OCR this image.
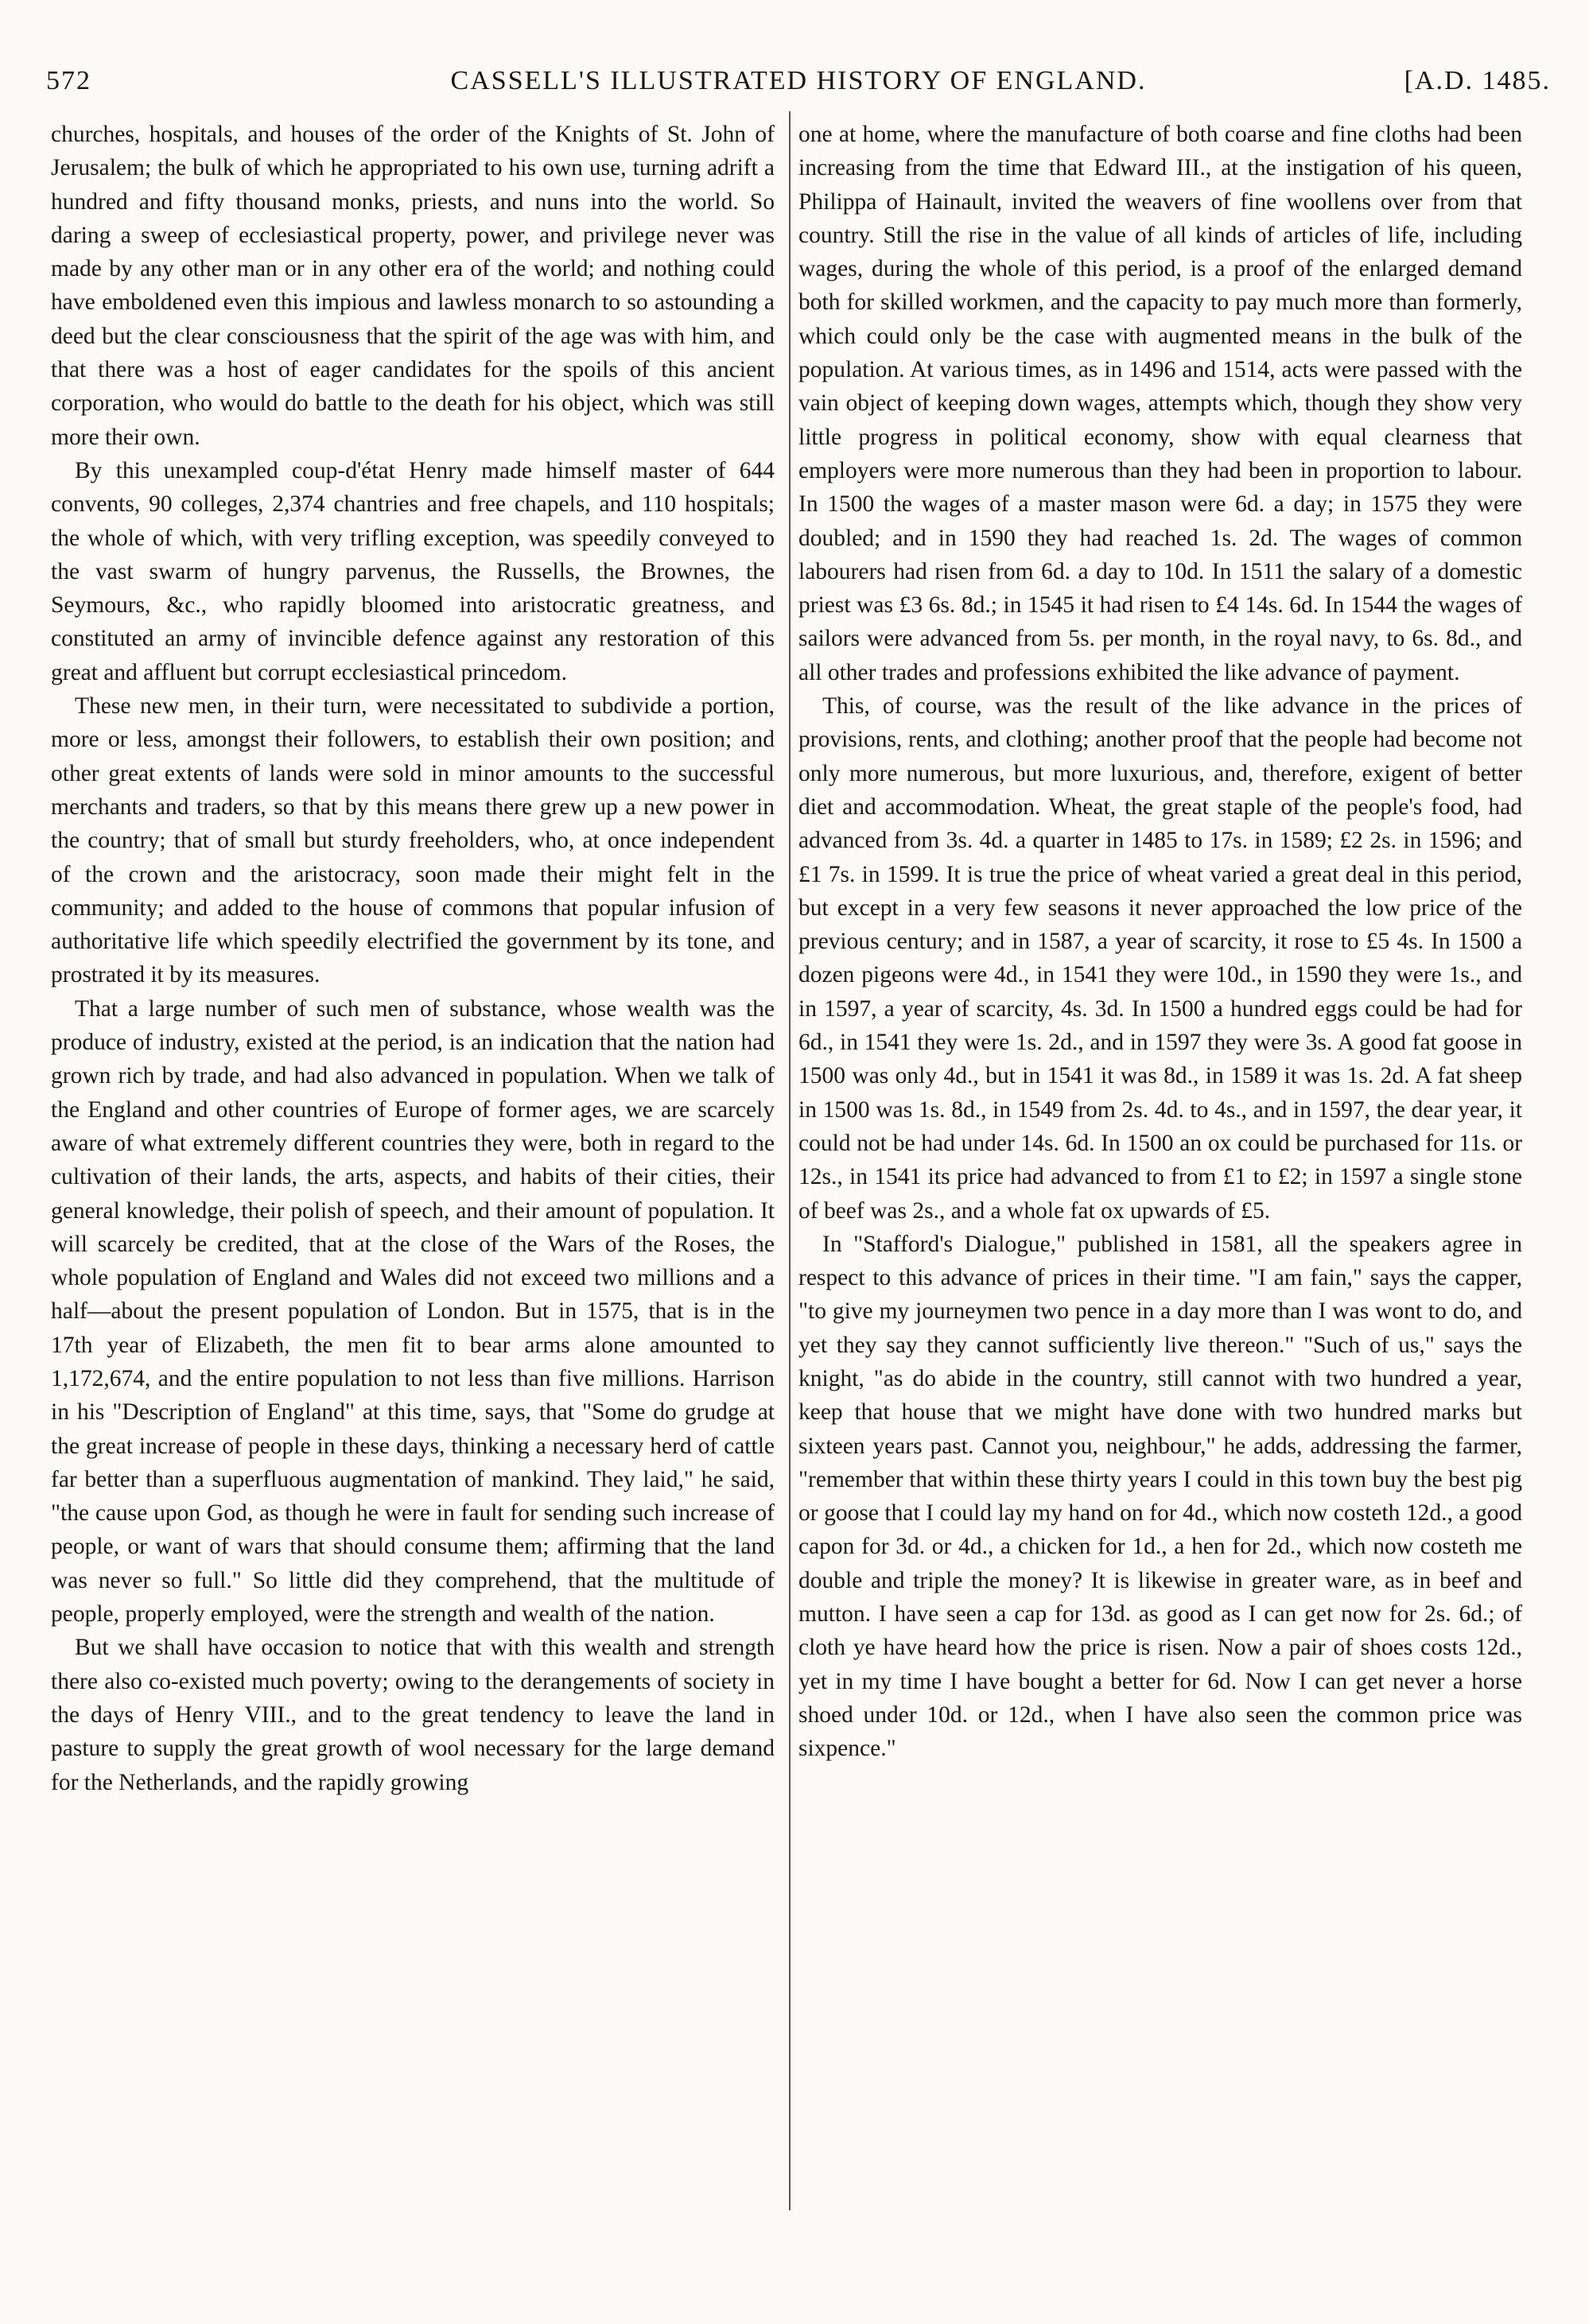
572	CASSELL'S ILLUSTRATED HISTORY OF ENGLAND.	[A.D. 1485.

churches, hospitals, and houses of the order of the Knights of St. John of Jerusalem; the bulk of which he appropriated to his own use, turning adrift a hundred and fifty thousand monks, priests, and nuns into the world. So daring a sweep of ecclesiastical property, power, and privilege never was made by any other man or in any other era of the world; and nothing could have emboldened even this impious and lawless monarch to so astounding a deed but the clear consciousness that the spirit of the age was with him, and that there was a host of eager candidates for the spoils of this ancient corporation, who would do battle to the death for his object, which was still more their own.

By this unexampled coup-d'état Henry made himself master of 644 convents, 90 colleges, 2,374 chantries and free chapels, and 110 hospitals; the whole of which, with very trifling exception, was speedily conveyed to the vast swarm of hungry parvenus, the Russells, the Brownes, the Seymours, &c., who rapidly bloomed into aristocratic greatness, and constituted an army of invincible defence against any restoration of this great and affluent but corrupt ecclesiastical princedom.

These new men, in their turn, were necessitated to subdivide a portion, more or less, amongst their followers, to establish their own position; and other great extents of lands were sold in minor amounts to the successful merchants and traders, so that by this means there grew up a new power in the country; that of small but sturdy freeholders, who, at once independent of the crown and the aristocracy, soon made their might felt in the community; and added to the house of commons that popular infusion of authoritative life which speedily electrified the government by its tone, and prostrated it by its measures.

That a large number of such men of substance, whose wealth was the produce of industry, existed at the period, is an indication that the nation had grown rich by trade, and had also advanced in population. When we talk of the England and other countries of Europe of former ages, we are scarcely aware of what extremely different countries they were, both in regard to the cultivation of their lands, the arts, aspects, and habits of their cities, their general knowledge, their polish of speech, and their amount of population. It will scarcely be credited, that at the close of the Wars of the Roses, the whole population of England and Wales did not exceed two millions and a half—about the present population of London. But in 1575, that is in the 17th year of Elizabeth, the men fit to bear arms alone amounted to 1,172,674, and the entire population to not less than five millions. Harrison in his "Description of England" at this time, says, that "Some do grudge at the great increase of people in these days, thinking a necessary herd of cattle far better than a superfluous augmentation of mankind. They laid," he said, "the cause upon God, as though he were in fault for sending such increase of people, or want of wars that should consume them; affirming that the land was never so full." So little did they comprehend, that the multitude of people, properly employed, were the strength and wealth of the nation.

But we shall have occasion to notice that with this wealth and strength there also co-existed much poverty; owing to the derangements of society in the days of Henry VIII., and to the great tendency to leave the land in pasture to supply the great growth of wool necessary for the large demand for the Netherlands, and the rapidly growing

one at home, where the manufacture of both coarse and fine cloths had been increasing from the time that Edward III., at the instigation of his queen, Philippa of Hainault, invited the weavers of fine woollens over from that country. Still the rise in the value of all kinds of articles of life, including wages, during the whole of this period, is a proof of the enlarged demand both for skilled workmen, and the capacity to pay much more than formerly, which could only be the case with augmented means in the bulk of the population. At various times, as in 1496 and 1514, acts were passed with the vain object of keeping down wages, attempts which, though they show very little progress in political economy, show with equal clearness that employers were more numerous than they had been in proportion to labour. In 1500 the wages of a master mason were 6d. a day; in 1575 they were doubled; and in 1590 they had reached 1s. 2d. The wages of common labourers had risen from 6d. a day to 10d. In 1511 the salary of a domestic priest was £3 6s. 8d.; in 1545 it had risen to £4 14s. 6d. In 1544 the wages of sailors were advanced from 5s. per month, in the royal navy, to 6s. 8d., and all other trades and professions exhibited the like advance of payment.

This, of course, was the result of the like advance in the prices of provisions, rents, and clothing; another proof that the people had become not only more numerous, but more luxurious, and, therefore, exigent of better diet and accommodation. Wheat, the great staple of the people's food, had advanced from 3s. 4d. a quarter in 1485 to 17s. in 1589; £2 2s. in 1596; and £1 7s. in 1599. It is true the price of wheat varied a great deal in this period, but except in a very few seasons it never approached the low price of the previous century; and in 1587, a year of scarcity, it rose to £5 4s. In 1500 a dozen pigeons were 4d., in 1541 they were 10d., in 1590 they were 1s., and in 1597, a year of scarcity, 4s. 3d. In 1500 a hundred eggs could be had for 6d., in 1541 they were 1s. 2d., and in 1597 they were 3s. A good fat goose in 1500 was only 4d., but in 1541 it was 8d., in 1589 it was 1s. 2d. A fat sheep in 1500 was 1s. 8d., in 1549 from 2s. 4d. to 4s., and in 1597, the dear year, it could not be had under 14s. 6d. In 1500 an ox could be purchased for 11s. or 12s., in 1541 its price had advanced to from £1 to £2; in 1597 a single stone of beef was 2s., and a whole fat ox upwards of £5.

In "Stafford's Dialogue," published in 1581, all the speakers agree in respect to this advance of prices in their time. "I am fain," says the capper, "to give my journeymen two pence in a day more than I was wont to do, and yet they say they cannot sufficiently live thereon." "Such of us," says the knight, "as do abide in the country, still cannot with two hundred a year, keep that house that we might have done with two hundred marks but sixteen years past. Cannot you, neighbour," he adds, addressing the farmer, "remember that within these thirty years I could in this town buy the best pig or goose that I could lay my hand on for 4d., which now costeth 12d., a good capon for 3d. or 4d., a chicken for 1d., a hen for 2d., which now costeth me double and triple the money? It is likewise in greater ware, as in beef and mutton. I have seen a cap for 13d. as good as I can get now for 2s. 6d.; of cloth ye have heard how the price is risen. Now a pair of shoes costs 12d., yet in my time I have bought a better for 6d. Now I can get never a horse shoed under 10d. or 12d., when I have also seen the common price was sixpence."
